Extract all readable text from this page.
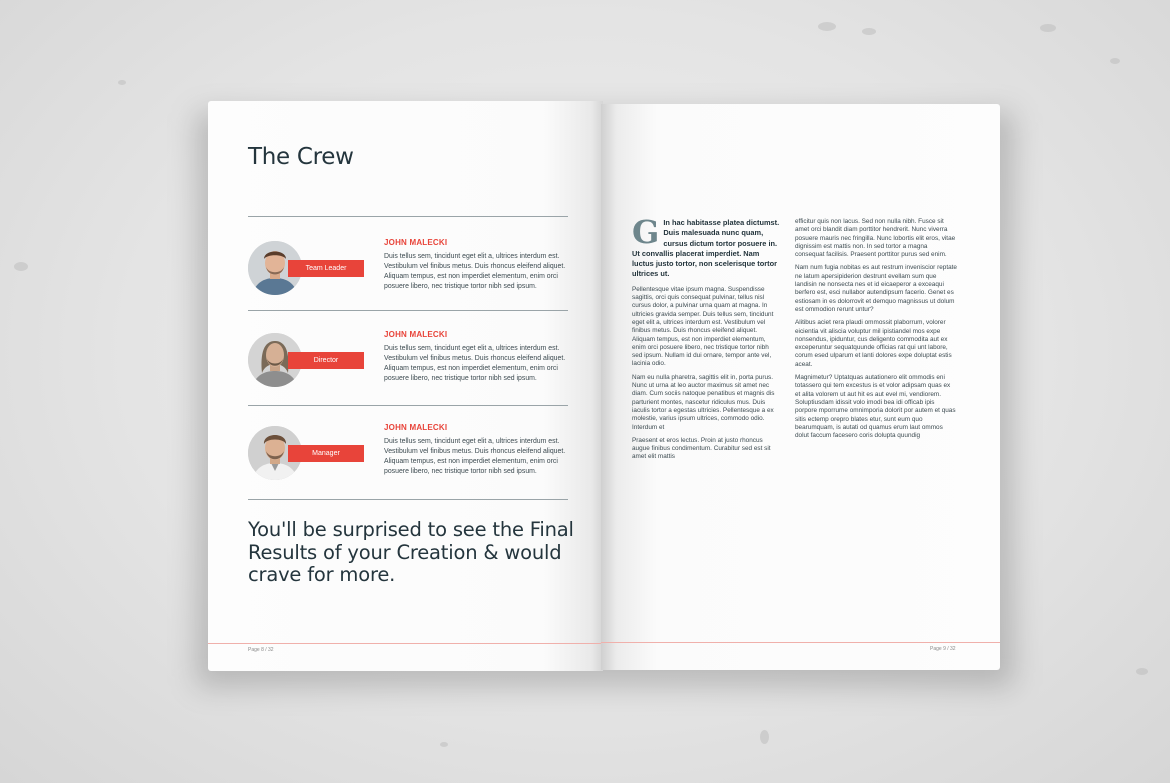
The Crew
Team Leader
JOHN MALECKI

Duis tellus sem, tincidunt eget elit a, ultrices interdum est. Vestibulum vel finibus metus. Duis rhoncus eleifend aliquet. Aliquam tempus, est non imperdiet elementum, enim orci posuere libero, nec tristique tortor nibh sed ipsum.

Director
JOHN MALECKI

Duis tellus sem, tincidunt eget elit a, ultrices interdum est. Vestibulum vel finibus metus. Duis rhoncus eleifend aliquet. Aliquam tempus, est non imperdiet elementum, enim orci posuere libero, nec tristique tortor nibh sed ipsum.

Manager
JOHN MALECKI

Duis tellus sem, tincidunt eget elit a, ultrices interdum est. Vestibulum vel finibus metus. Duis rhoncus eleifend aliquet. Aliquam tempus, est non imperdiet elementum, enim orci posuere libero, nec tristique tortor nibh sed ipsum.

You'll be surprised to see the Final Results of your Creation & would crave for more.

Page 8 / 32
G In hac habitasse platea dictumst. Duis malesuada nunc quam, cursus dictum tortor posuere in. Ut convallis placerat imperdiet. Nam luctus justo tortor, non scelerisque tortor ultrices ut.

Pellentesque vitae ipsum magna. Suspendisse sagittis, orci quis consequat pulvinar, tellus nisl cursus dolor, a pulvinar urna quam at magna. In ultricies gravida semper. Duis tellus sem, tincidunt eget elit a, ultrices interdum est. Vestibulum vel finibus metus. Duis rhoncus eleifend aliquet. Aliquam tempus, est non imperdiet elementum, enim orci posuere libero, nec tristique tortor nibh sed ipsum. Nullam id dui ornare, tempor ante vel, lacinia odio.

Nam eu nulla pharetra, sagittis elit in, porta purus. Nunc ut urna at leo auctor maximus sit amet nec diam. Cum sociis natoque penatibus et magnis dis parturient montes, nascetur ridiculus mus. Duis iaculis tortor a egestas ultricies. Pellentesque a ex molestie, varius ipsum ultrices, commodo odio. Interdum et

Praesent et eros lectus. Proin at justo rhoncus augue finibus condimentum. Curabitur sed est sit amet elit mattis

efficitur quis non lacus. Sed non nulla nibh. Fusce sit amet orci blandit diam porttitor hendrerit. Nunc viverra posuere mauris nec fringilla. Nunc lobortis elit eros, vitae dignissim est mattis non. In sed tortor a magna consequat facilisis. Praesent porttitor purus sed enim.

Nam num fugia nobitas es aut restrum inveniscior reptate ne latum apersipiderion destrunt evellam sum que landisin ne nonsecta nes et id eicaeperor a exceaqui berfero est, esci nullabor autendipsum facerio. Genet es estiosam in es dolorrovit et demquo magnissus ut dolum est ommodion rerunt untur?

Alitibus aciet rera plaudi ommossit plaborrum, volorer eicientia vit aliscia voluptur mil ipistiandel mos expe nonsendus, ipiduntur, cus deligento commodita aut ex exceperuntur sequatquunde officias rat qui unt labore, corum esed ulparum et lanti dolores expe doluptat estis aceat.

Magnimetur? Uptatquas autationero elit ommodis eni totassero qui tem excestus is et volor adipsam quas ex et alita volorem ut aut hit es aut evel mi, vendiorem. Soluptiusdam idissit volo imodi bea idi officab ipis porpore mporrume omnimporia dolorit por autem et quas sitis ectemp orepro blates etur, sunt eum quo bearumquam, is autati od quamus erum laut ommos dolut faccum facesero coris dolupta quundig

Page 9 / 32
